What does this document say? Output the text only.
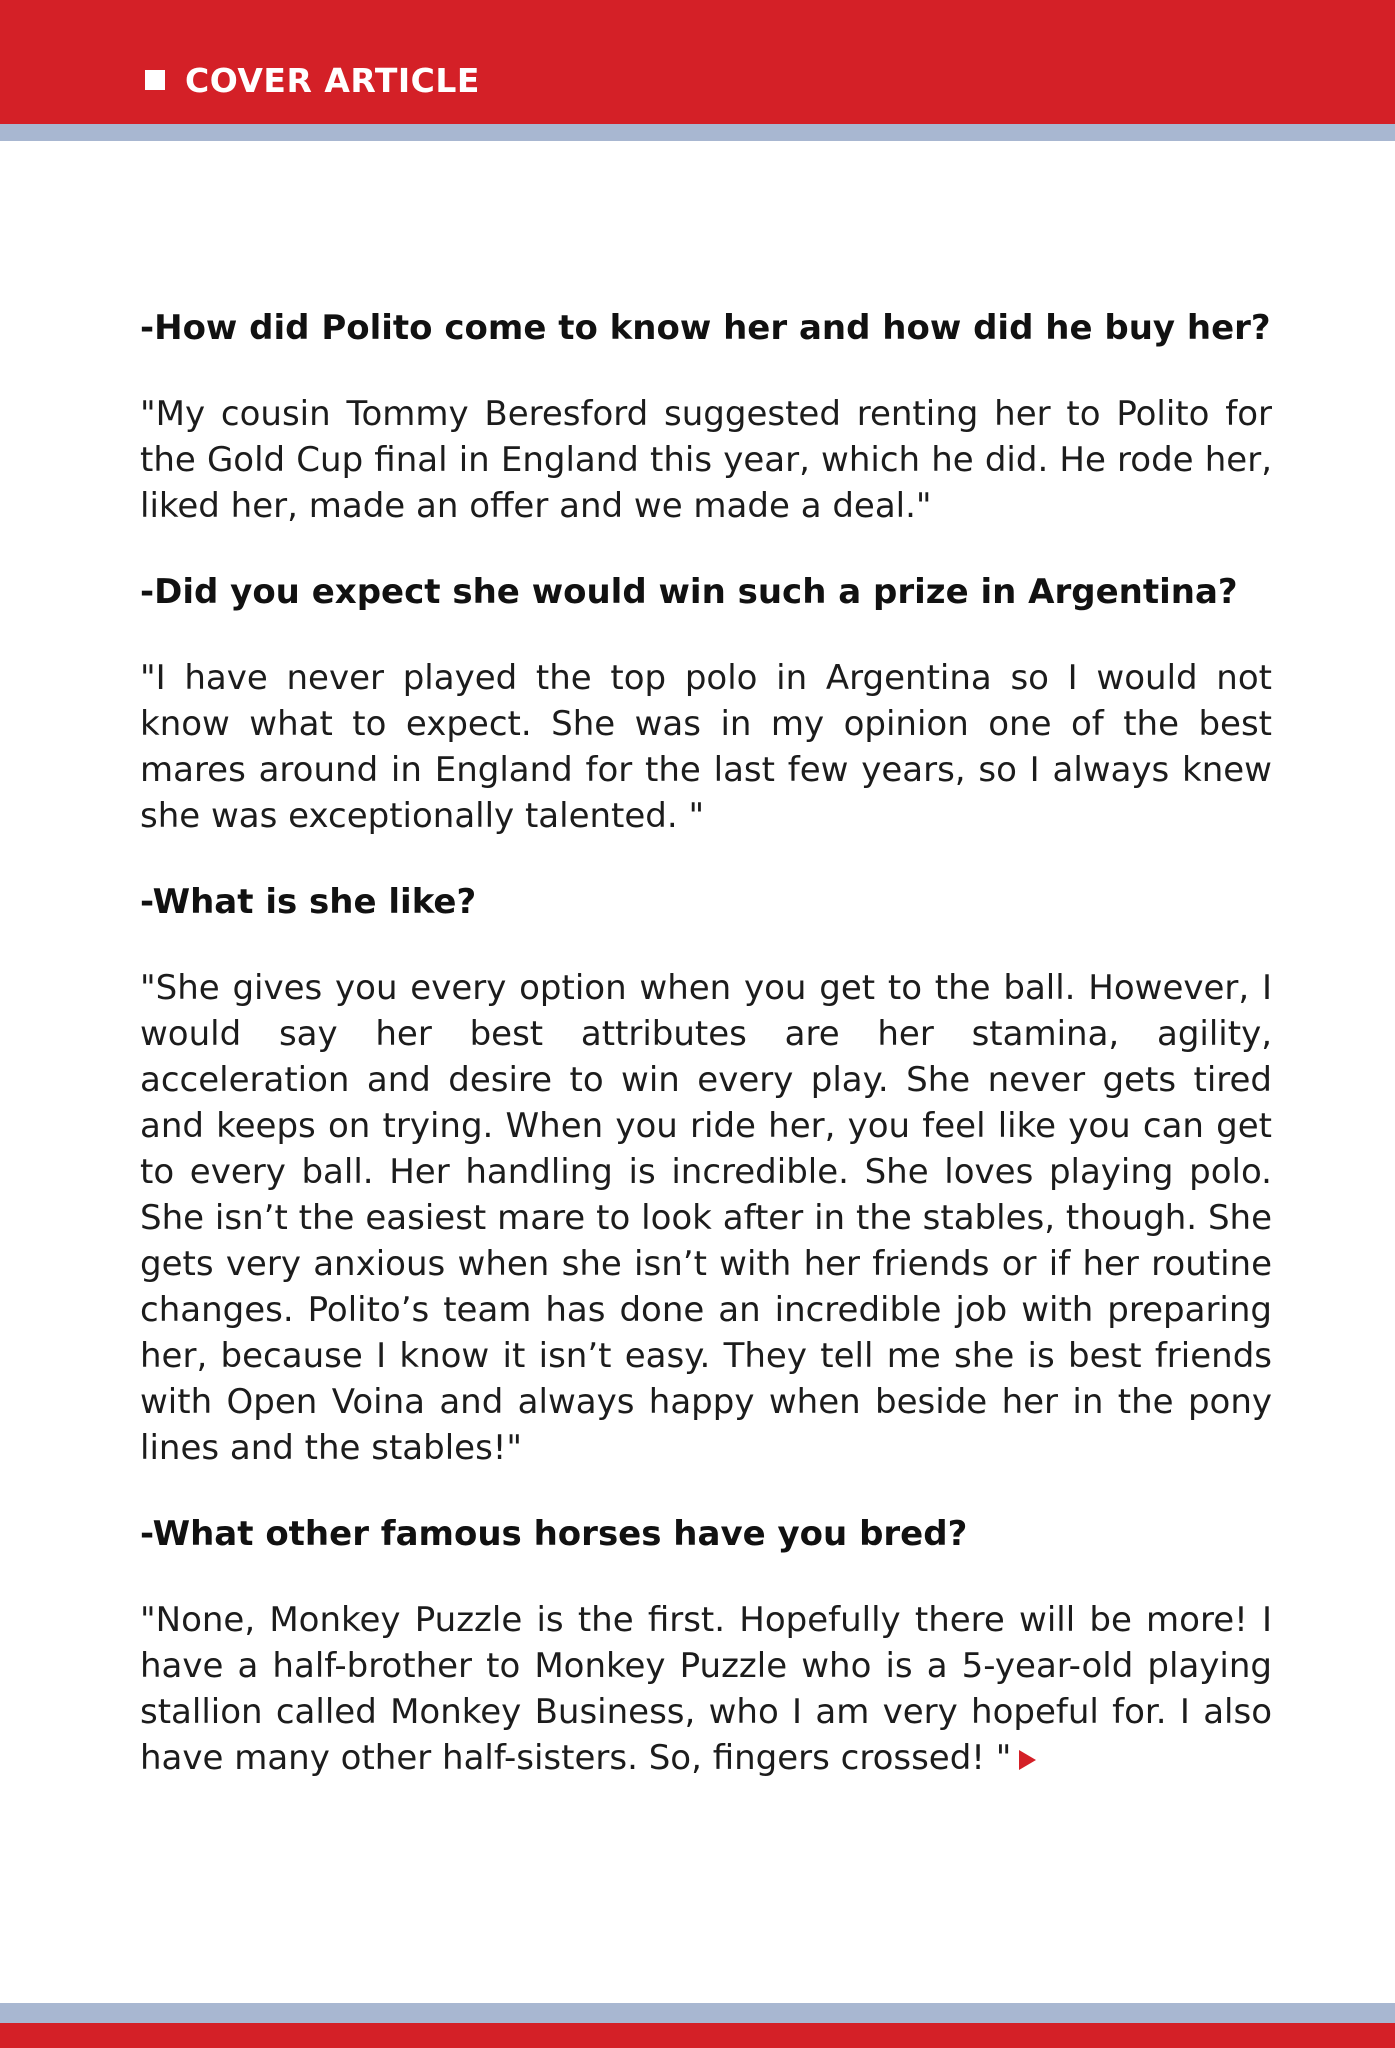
COVER ARTICLE

-How did Polito come to know her and how did he buy her?

"My cousin Tommy Beresford suggested renting her to Polito for the Gold Cup final in England this year, which he did. He rode her, liked her, made an offer and we made a deal."

-Did you expect she would win such a prize in Argentina?

"I have never played the top polo in Argentina so I would not know what to expect. She was in my opinion one of the best mares around in England for the last few years, so I always knew she was exceptionally talented. "

-What is she like?

"She gives you every option when you get to the ball. However, I would say her best attributes are her stamina, agility, acceleration and desire to win every play. She never gets tired and keeps on trying. When you ride her, you feel like you can get to every ball. Her handling is incredible. She loves playing polo. She isn’t the easiest mare to look after in the stables, though. She gets very anxious when she isn’t with her friends or if her routine changes. Polito’s team has done an incredible job with preparing her, because I know it isn’t easy. They tell me she is best friends with Open Voina and always happy when beside her in the pony lines and the stables!"

-What other famous horses have you bred?

"None, Monkey Puzzle is the first. Hopefully there will be more! I have a half-brother to Monkey Puzzle who is a 5-year-old playing stallion called Monkey Business, who I am very hopeful for. I also have many other half-sisters. So, fingers crossed! "
